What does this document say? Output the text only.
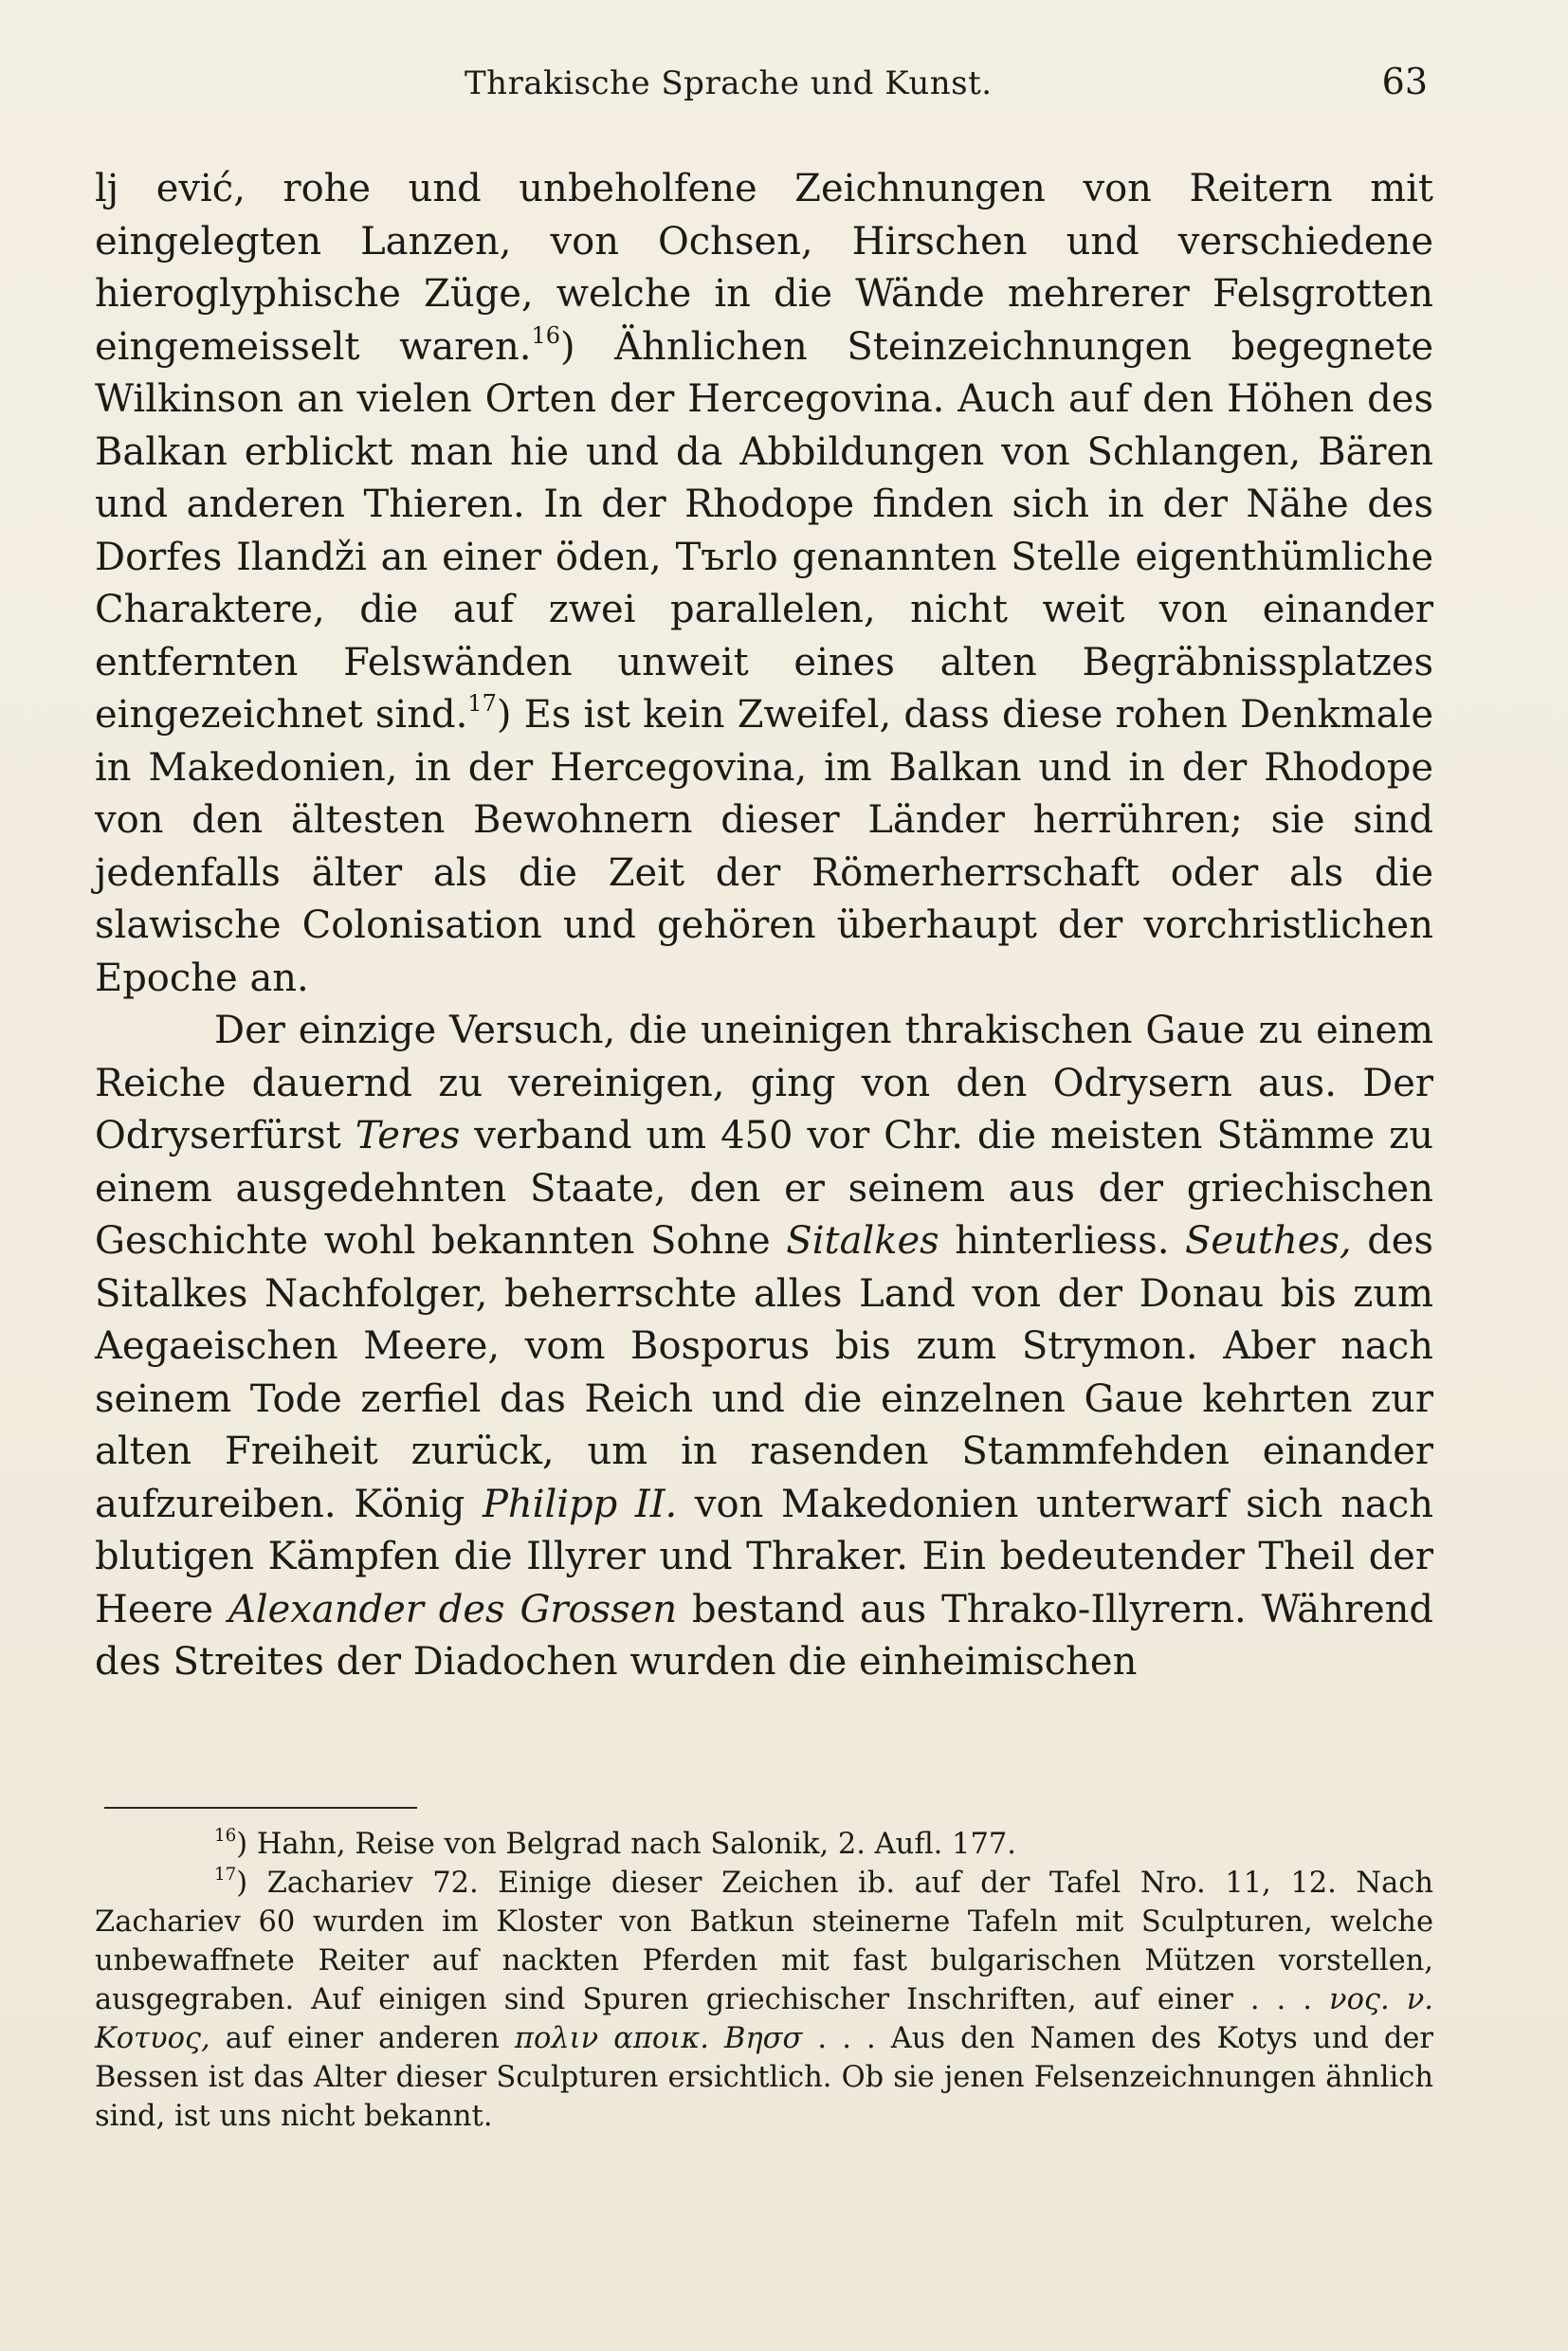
Thrakische Sprache und Kunst.	63

lj ević, rohe und unbeholfene Zeichnungen von Reitern mit eingelegten Lanzen, von Ochsen, Hirschen und verschiedene hieroglyphische Züge, welche in die Wände mehrerer Felsgrotten eingemeisselt waren.$^{16}$) Ähnlichen Steinzeichnungen begegnete Wilkinson an vielen Orten der Hercegovina. Auch auf den Höhen des Balkan erblickt man hie und da Abbildungen von Schlangen, Bären und anderen Thieren. In der Rhodope finden sich in der Nähe des Dorfes Ilandži an einer öden, Tъrlo genannten Stelle eigenthümliche Charaktere, die auf zwei parallelen, nicht weit von einander entfernten Felswänden unweit eines alten Begräbnissplatzes eingezeichnet sind.$^{17}$) Es ist kein Zweifel, dass diese rohen Denkmale in Makedonien, in der Hercegovina, im Balkan und in der Rhodope von den ältesten Bewohnern dieser Länder herrühren; sie sind jedenfalls älter als die Zeit der Römerherrschaft oder als die slawische Colonisation und gehören überhaupt der vorchristlichen Epoche an.

Der einzige Versuch, die uneinigen thrakischen Gaue zu einem Reiche dauernd zu vereinigen, ging von den Odrysern aus. Der Odryserfürst Teres verband um 450 vor Chr. die meisten Stämme zu einem ausgedehnten Staate, den er seinem aus der griechischen Geschichte wohl bekannten Sohne Sitalkes hinterliess. Seuthes, des Sitalkes Nachfolger, beherrschte alles Land von der Donau bis zum Aegaeischen Meere, vom Bosporus bis zum Strymon. Aber nach seinem Tode zerfiel das Reich und die einzelnen Gaue kehrten zur alten Freiheit zurück, um in rasenden Stammfehden einander aufzureiben. König Philipp II. von Makedonien unterwarf sich nach blutigen Kämpfen die Illyrer und Thraker. Ein bedeutender Theil der Heere Alexander des Grossen bestand aus Thrako-Illyrern. Während des Streites der Diadochen wurden die einheimischen

$^{16}$) Hahn, Reise von Belgrad nach Salonik, 2. Aufl. 177.

$^{17}$) Zachariev 72. Einige dieser Zeichen ib. auf der Tafel Nro. 11, 12. Nach Zachariev 60 wurden im Kloster von Batkun steinerne Tafeln mit Sculpturen, welche unbewaffnete Reiter auf nackten Pferden mit fast bulgarischen Mützen vorstellen, ausgegraben. Auf einigen sind Spuren griechischer Inschriften, auf einer . . . νος. ν. Κοτυος, auf einer anderen πολιν αποικ. Βησσ . . . Aus den Namen des Kotys und der Bessen ist das Alter dieser Sculpturen ersichtlich. Ob sie jenen Felsenzeichnungen ähnlich sind, ist uns nicht bekannt.
